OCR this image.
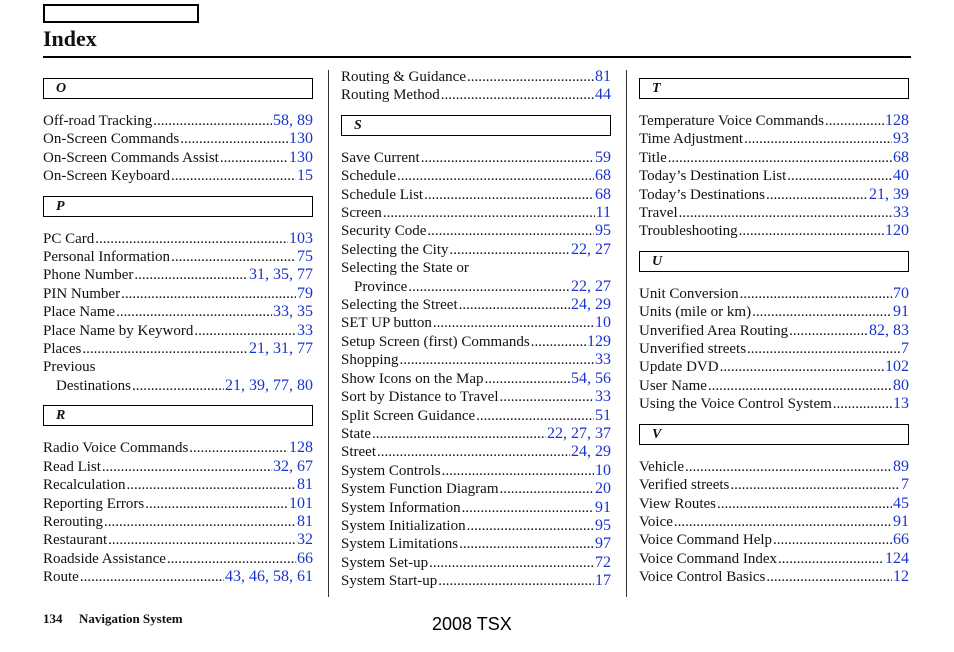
Index
O
Off-road Tracking .....	58, 89
On-Screen Commands .....	130
On-Screen Commands Assist .....	130
On-Screen Keyboard .....	15
P
PC Card .....	103
Personal Information .....	75
Phone Number .....	31, 35, 77
PIN Number .....	79
Place Name .....	33, 35
Place Name by Keyword .....	33
Places .....	21, 31, 77
Previous
Destinations .....	21, 39, 77, 80
R
Radio Voice Commands .....	128
Read List .....	32, 67
Recalculation .....	81
Reporting Errors .....	101
Rerouting .....	81
Restaurant .....	32
Roadside Assistance .....	66
Route .....	43, 46, 58, 61
Routing & Guidance .....	81
Routing Method .....	44
S
Save Current .....	59
Schedule .....	68
Schedule List .....	68
Screen .....	11
Security Code .....	95
Selecting the City .....	22, 27
Selecting the State or
Province .....	22, 27
Selecting the Street .....	24, 29
SET UP button .....	10
Setup Screen (first) Commands .....	129
Shopping .....	33
Show Icons on the Map .....	54, 56
Sort by Distance to Travel .....	33
Split Screen Guidance .....	51
State .....	22, 27, 37
Street .....	24, 29
System Controls .....	10
System Function Diagram .....	20
System Information .....	91
System Initialization .....	95
System Limitations .....	97
System Set-up .....	72
System Start-up .....	17
T
Temperature Voice Commands .....	128
Time Adjustment .....	93
Title .....	68
Today’s Destination List .....	40
Today’s Destinations .....	21, 39
Travel .....	33
Troubleshooting .....	120
U
Unit Conversion .....	70
Units (mile or km) .....	91
Unverified Area Routing .....	82, 83
Unverified streets .....	7
Update DVD .....	102
User Name .....	80
Using the Voice Control System .....	13
V
Vehicle .....	89
Verified streets .....	7
View Routes .....	45
Voice .....	91
Voice Command Help .....	66
Voice Command Index .....	124
Voice Control Basics .....	12
134 Navigation System	2008 TSX
